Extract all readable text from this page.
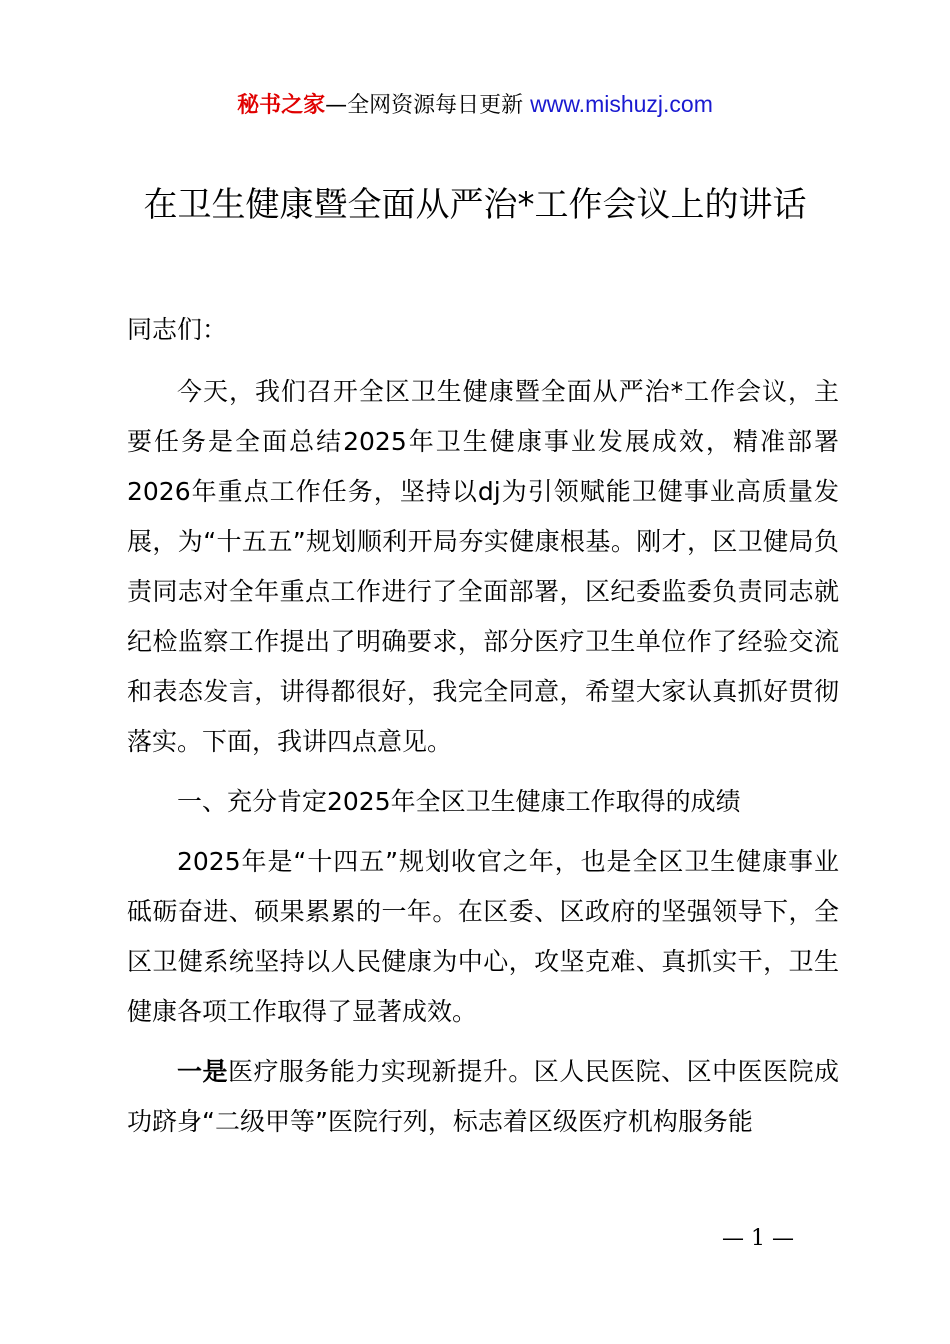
秘书之家—全网资源每日更新 www.mishuzj.com
在卫生健康暨全面从严治*工作会议上的讲话

同志们：

今天，我们召开全区卫生健康暨全面从严治*工作会议，主要任务是全面总结2025年卫生健康事业发展成效，精准部署2026年重点工作任务，坚持以dj为引领赋能卫健事业高质量发展，为“十五五”规划顺利开局夯实健康根基。刚才，区卫健局负责同志对全年重点工作进行了全面部署，区纪委监委负责同志就纪检监察工作提出了明确要求，部分医疗卫生单位作了经验交流和表态发言，讲得都很好，我完全同意，希望大家认真抓好贯彻落实。下面，我讲四点意见。

一、充分肯定2025年全区卫生健康工作取得的成绩

2025年是“十四五”规划收官之年，也是全区卫生健康事业砥砺奋进、硕果累累的一年。在区委、区政府的坚强领导下，全区卫健系统坚持以人民健康为中心，攻坚克难、真抓实干，卫生健康各项工作取得了显著成效。

一是医疗服务能力实现新提升。区人民医院、区中医医院成功跻身“二级甲等”医院行列，标志着区级医疗机构服务能

— 1 —
